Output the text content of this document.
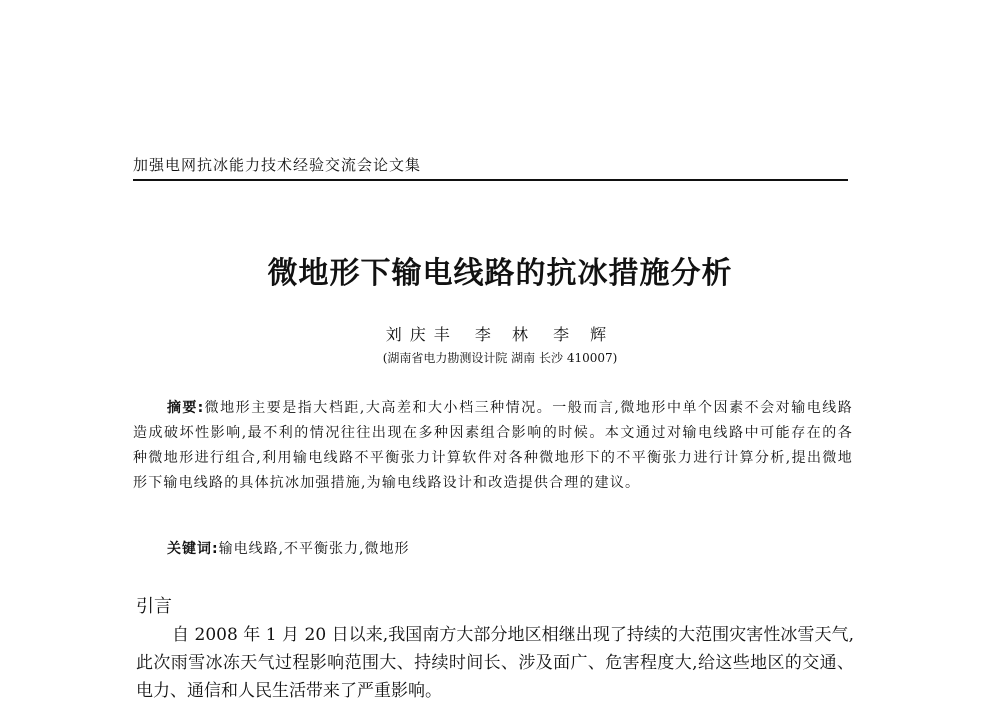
加强电网抗冰能力技术经验交流会论文集
微地形下输电线路的抗冰措施分析
刘庆丰 李 林 李 辉
(湖南省电力勘测设计院 湖南 长沙 410007)
摘要:微地形主要是指大档距,大高差和大小档三种情况。一般而言,微地形中单个因素不会对输电线路造成破坏性影响,最不利的情况往往出现在多种因素组合影响的时候。本文通过对输电线路中可能存在的各种微地形进行组合,利用输电线路不平衡张力计算软件对各种微地形下的不平衡张力进行计算分析,提出微地形下输电线路的具体抗冰加强措施,为输电线路设计和改造提供合理的建议。
关键词:输电线路,不平衡张力,微地形
引言
自 2008 年 1 月 20 日以来,我国南方大部分地区相继出现了持续的大范围灾害性冰雪天气,此次雨雪冰冻天气过程影响范围大、持续时间长、涉及面广、危害程度大,给这些地区的交通、电力、通信和人民生活带来了严重影响。
